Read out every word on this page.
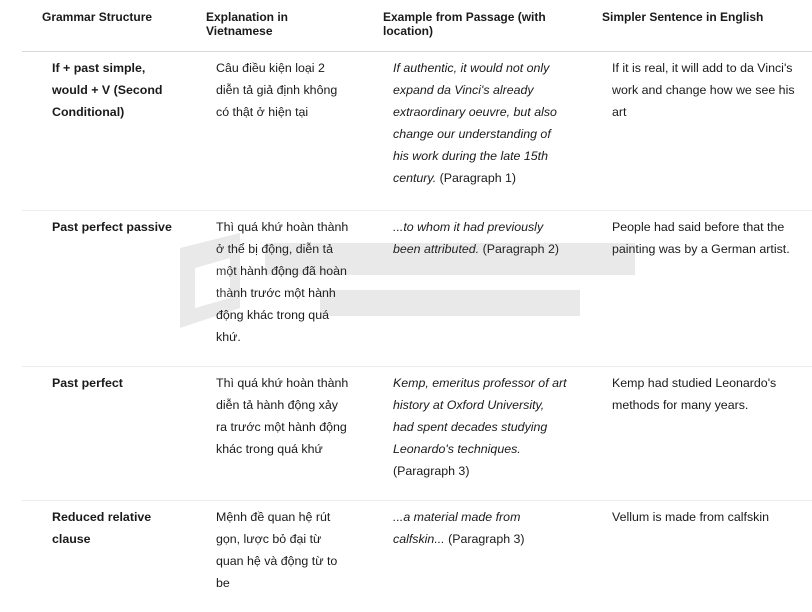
Grammar Structure	Explanation in Vietnamese	Example from Passage (with location)	Simpler Sentence in English
If + past simple, would + V (Second Conditional)	Câu điều kiện loại 2 diễn tả giả định không có thật ở hiện tại	If authentic, it would not only expand da Vinci's already extraordinary oeuvre, but also change our understanding of his work during the late 15th century. (Paragraph 1)	If it is real, it will add to da Vinci's work and change how we see his art
Past perfect passive	Thì quá khứ hoàn thành ở thể bị động, diễn tả một hành động đã hoàn thành trước một hành động khác trong quá khứ.	...to whom it had previously been attributed. (Paragraph 2)	People had said before that the painting was by a German artist.
Past perfect	Thì quá khứ hoàn thành diễn tả hành động xảy ra trước một hành động khác trong quá khứ	Kemp, emeritus professor of art history at Oxford University, had spent decades studying Leonardo's techniques. (Paragraph 3)	Kemp had studied Leonardo's methods for many years.
Reduced relative clause	Mệnh đề quan hệ rút gọn, lược bỏ đại từ quan hệ và động từ to be	...a material made from calfskin... (Paragraph 3)	Vellum is made from calfskin
